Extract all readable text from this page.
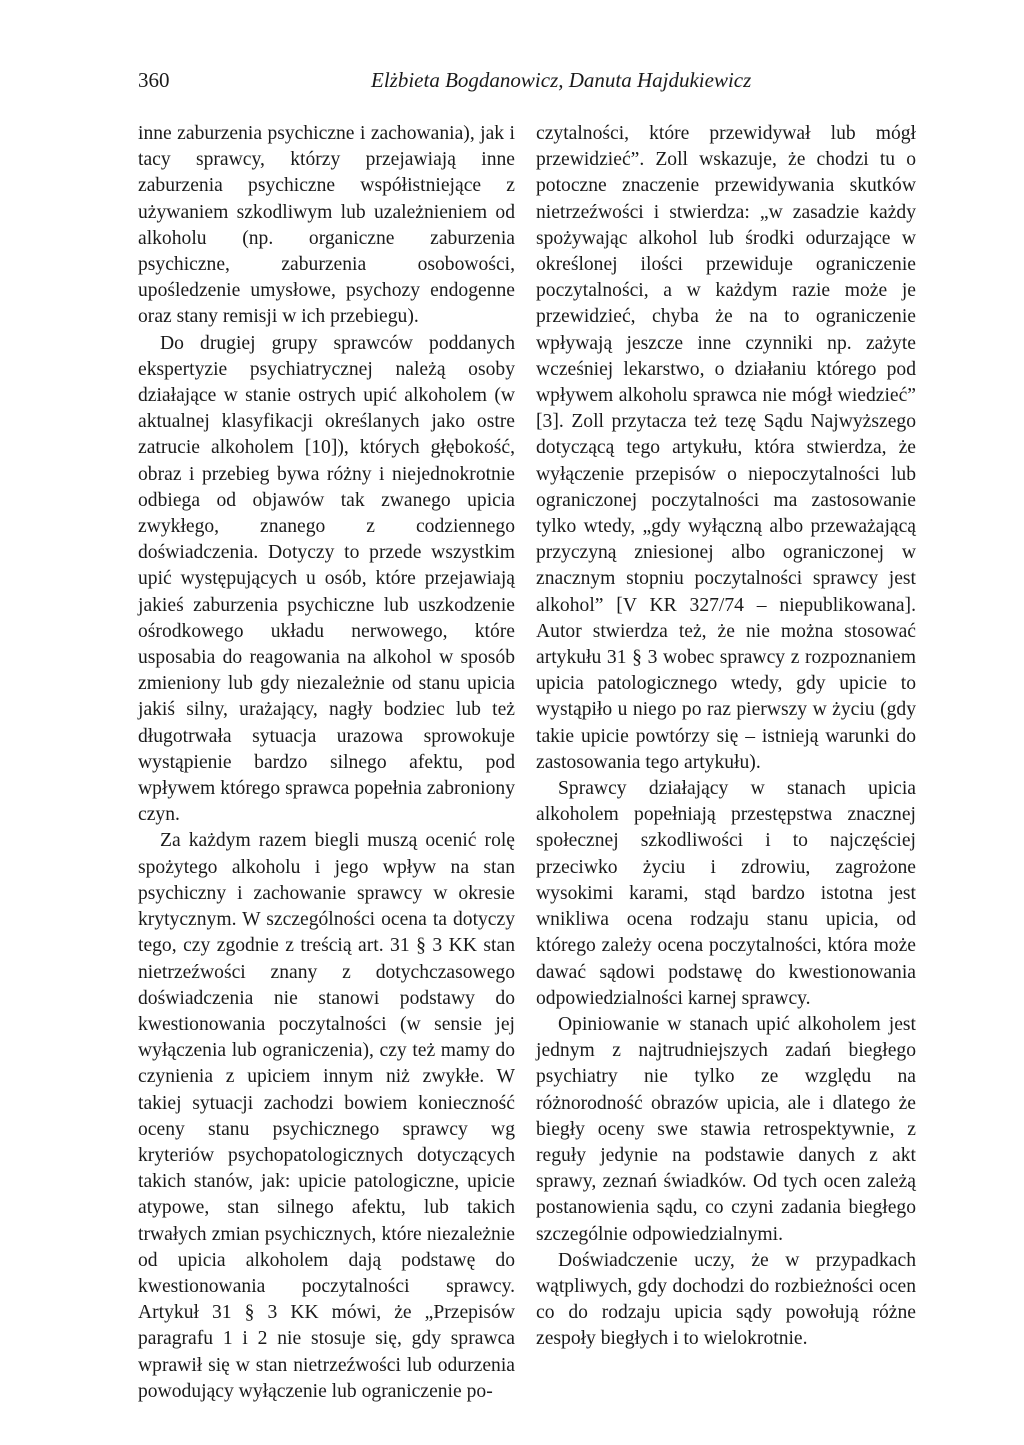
360	Elżbieta Bogdanowicz, Danuta Hajdukiewicz

inne zaburzenia psychiczne i zachowania), jak i tacy sprawcy, którzy przejawiają inne zaburzenia psychiczne współistniejące z używaniem szkodliwym lub uzależnieniem od alkoholu (np. organiczne zaburzenia psychiczne, zaburzenia osobowości, upośledzenie umysłowe, psychozy endogenne oraz stany remisji w ich przebiegu).

Do drugiej grupy sprawców poddanych ekspertyzie psychiatrycznej należą osoby działające w stanie ostrych upić alkoholem (w aktualnej klasyfikacji określanych jako ostre zatrucie alkoholem [10]), których głębokość, obraz i przebieg bywa różny i niejednokrotnie odbiega od objawów tak zwanego upicia zwykłego, znanego z codziennego doświadczenia. Dotyczy to przede wszystkim upić występujących u osób, które przejawiają jakieś zaburzenia psychiczne lub uszkodzenie ośrodkowego układu nerwowego, które usposabia do reagowania na alkohol w sposób zmieniony lub gdy niezależnie od stanu upicia jakiś silny, urażający, nagły bodziec lub też długotrwała sytuacja urazowa sprowokuje wystąpienie bardzo silnego afektu, pod wpływem którego sprawca popełnia zabroniony czyn.

Za każdym razem biegli muszą ocenić rolę spożytego alkoholu i jego wpływ na stan psychiczny i zachowanie sprawcy w okresie krytycznym. W szczególności ocena ta dotyczy tego, czy zgodnie z treścią art. 31 § 3 KK stan nietrzeźwości znany z dotychczasowego doświadczenia nie stanowi podstawy do kwestionowania poczytalności (w sensie jej wyłączenia lub ograniczenia), czy też mamy do czynienia z upiciem innym niż zwykłe. W takiej sytuacji zachodzi bowiem konieczność oceny stanu psychicznego sprawcy wg kryteriów psychopatologicznych dotyczących takich stanów, jak: upicie patologiczne, upicie atypowe, stan silnego afektu, lub takich trwałych zmian psychicznych, które niezależnie od upicia alkoholem dają podstawę do kwestionowania poczytalności sprawcy. Artykuł 31 § 3 KK mówi, że „Przepisów paragrafu 1 i 2 nie stosuje się, gdy sprawca wprawił się w stan nietrzeźwości lub odurzenia powodujący wyłączenie lub ograniczenie po-

czytalności, które przewidywał lub mógł przewidzieć”. Zoll wskazuje, że chodzi tu o potoczne znaczenie przewidywania skutków nietrzeźwości i stwierdza: „w zasadzie każdy spożywając alkohol lub środki odurzające w określonej ilości przewiduje ograniczenie poczytalności, a w każdym razie może je przewidzieć, chyba że na to ograniczenie wpływają jeszcze inne czynniki np. zażyte wcześniej lekarstwo, o działaniu którego pod wpływem alkoholu sprawca nie mógł wiedzieć” [3]. Zoll przytacza też tezę Sądu Najwyższego dotyczącą tego artykułu, która stwierdza, że wyłączenie przepisów o niepoczytalności lub ograniczonej poczytalności ma zastosowanie tylko wtedy, „gdy wyłączną albo przeważającą przyczyną zniesionej albo ograniczonej w znacznym stopniu poczytalności sprawcy jest alkohol” [V KR 327/74 – niepublikowana]. Autor stwierdza też, że nie można stosować artykułu 31 § 3 wobec sprawcy z rozpoznaniem upicia patologicznego wtedy, gdy upicie to wystąpiło u niego po raz pierwszy w życiu (gdy takie upicie powtórzy się – istnieją warunki do zastosowania tego artykułu).

Sprawcy działający w stanach upicia alkoholem popełniają przestępstwa znacznej społecznej szkodliwości i to najczęściej przeciwko życiu i zdrowiu, zagrożone wysokimi karami, stąd bardzo istotna jest wnikliwa ocena rodzaju stanu upicia, od którego zależy ocena poczytalności, która może dawać sądowi podstawę do kwestionowania odpowiedzialności karnej sprawcy.

Opiniowanie w stanach upić alkoholem jest jednym z najtrudniejszych zadań biegłego psychiatry nie tylko ze względu na różnorodność obrazów upicia, ale i dlatego że biegły oceny swe stawia retrospektywnie, z reguły jedynie na podstawie danych z akt sprawy, zeznań świadków. Od tych ocen zależą postanowienia sądu, co czyni zadania biegłego szczególnie odpowiedzialnymi.

Doświadczenie uczy, że w przypadkach wątpliwych, gdy dochodzi do rozbieżności ocen co do rodzaju upicia sądy powołują różne zespoły biegłych i to wielokrotnie.
